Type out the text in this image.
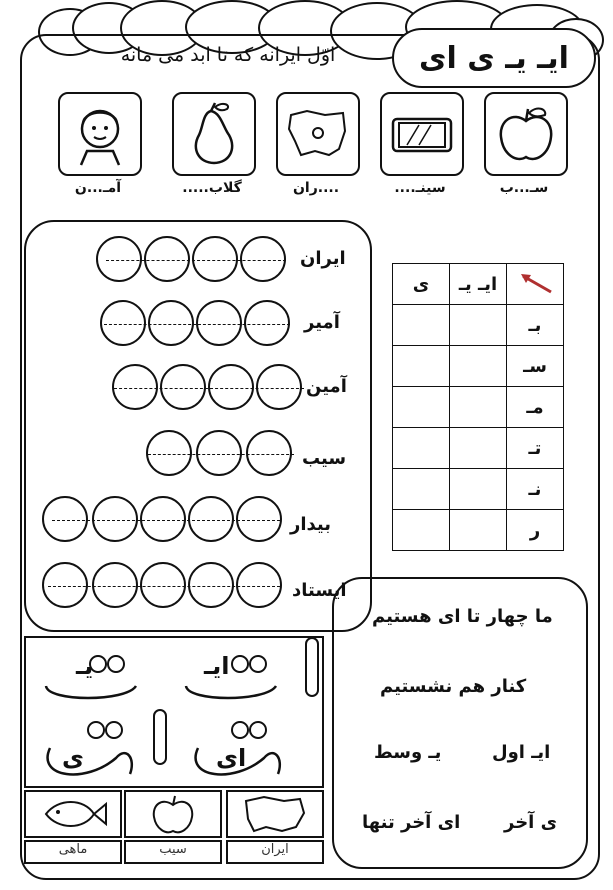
ایـ یـ ی ای
اوّل ایرانه که تا ابد می مانه
سـ...ب
سینـ....
....ران
گلاب.....
آمـ...ن
ایران
آمیر
آمین
سیب
بیدار
ایستاد
ی	ایـ یـ	
		بـ
		سـ
		مـ
		تـ
		نـ
		ر
ما چهار تا ای هستیم
کنار هم نشستیم
ایـ اول
یـ وسط
ی آخر
ای آخر تنها
ماهی	سیب	ایران
یـ	ایـ
ی	ای
